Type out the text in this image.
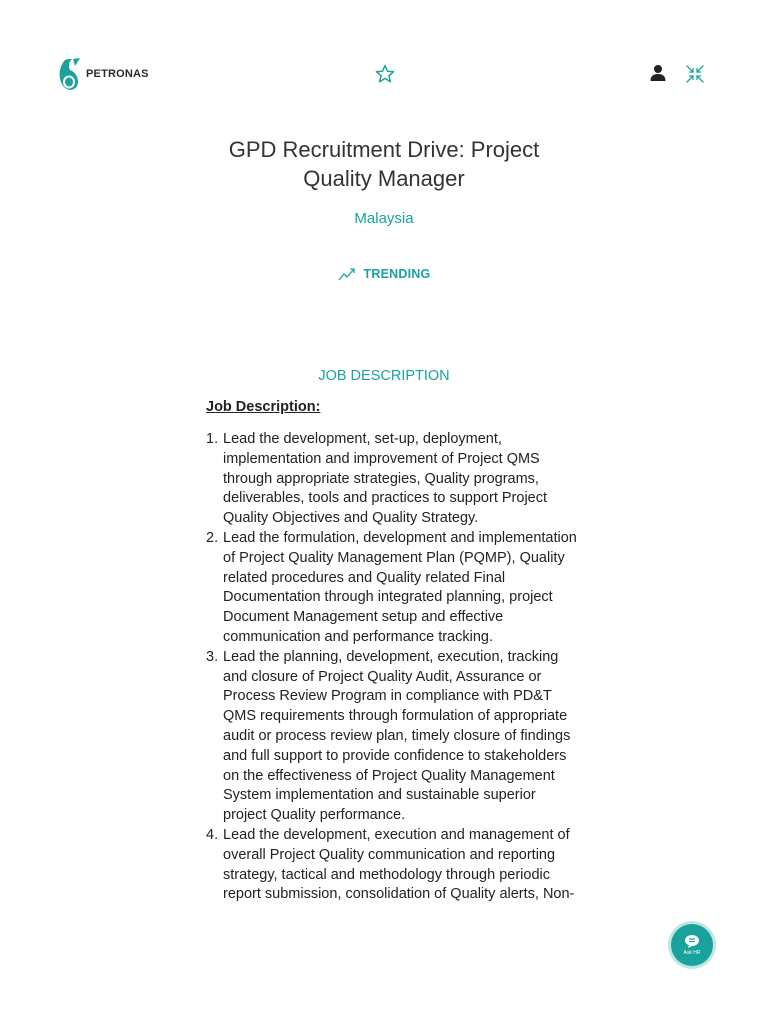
PETRONAS
GPD Recruitment Drive: Project
Quality Manager
Malaysia
TRENDING
JOB DESCRIPTION
Job Description:
1. Lead the development, set-up, deployment, implementation and improvement of Project QMS through appropriate strategies, Quality programs, deliverables, tools and practices to support Project Quality Objectives and Quality Strategy.
2. Lead the formulation, development and implementation of Project Quality Management Plan (PQMP), Quality related procedures and Quality related Final Documentation through integrated planning, project Document Management setup and effective communication and performance tracking.
3. Lead the planning, development, execution, tracking and closure of Project Quality Audit, Assurance or Process Review Program in compliance with PD&T QMS requirements through formulation of appropriate audit or process review plan, timely closure of findings and full support to provide confidence to stakeholders on the effectiveness of Project Quality Management System implementation and sustainable superior project Quality performance.
4. Lead the development, execution and management of overall Project Quality communication and reporting strategy, tactical and methodology through periodic report submission, consolidation of Quality alerts, Non-
Ask HR
